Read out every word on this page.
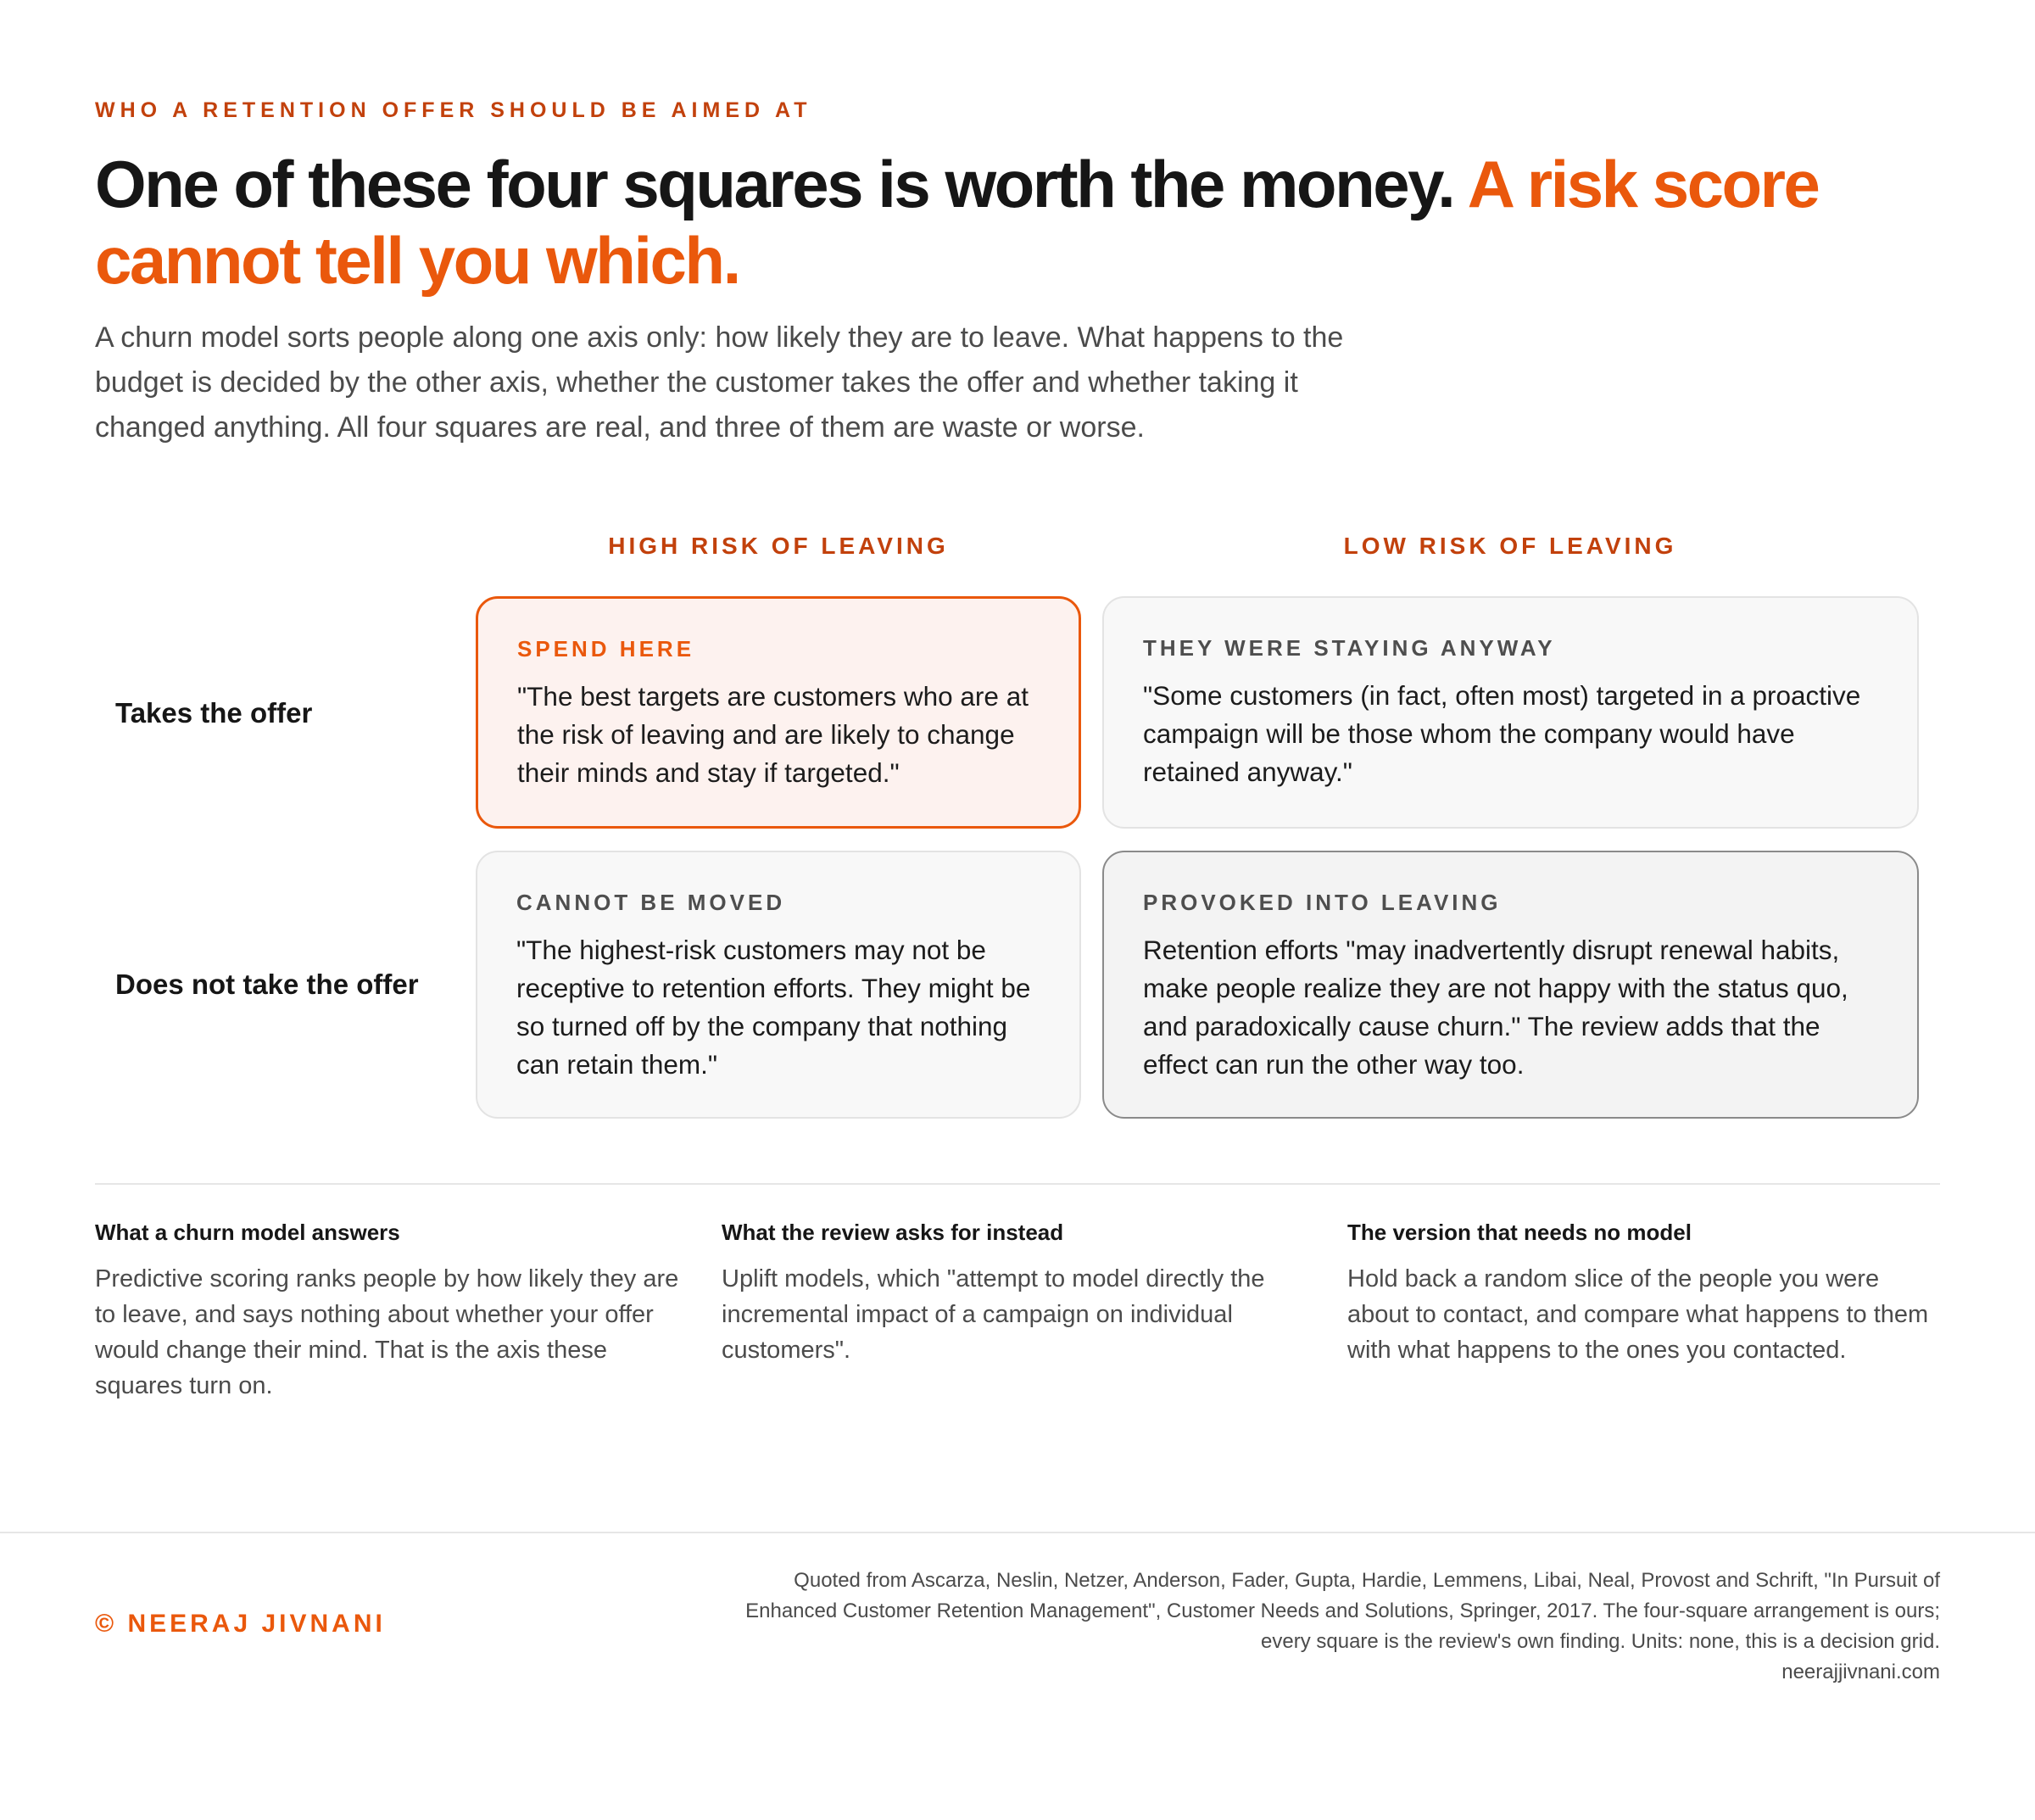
WHO A RETENTION OFFER SHOULD BE AIMED AT
One of these four squares is worth the money. A risk score cannot tell you which.

A churn model sorts people along one axis only: how likely they are to leave. What happens to the budget is decided by the other axis, whether the customer takes the offer and whether taking it changed anything. All four squares are real, and three of them are waste or worse.

HIGH RISK OF LEAVING	LOW RISK OF LEAVING
Takes the offer
Does not take the offer
SPEND HERE
"The best targets are customers who are at the risk of leaving and are likely to change their minds and stay if targeted."
THEY WERE STAYING ANYWAY
"Some customers (in fact, often most) targeted in a proactive campaign will be those whom the company would have retained anyway."
CANNOT BE MOVED
"The highest-risk customers may not be receptive to retention efforts. They might be so turned off by the company that nothing can retain them."
PROVOKED INTO LEAVING
Retention efforts "may inadvertently disrupt renewal habits, make people realize they are not happy with the status quo, and paradoxically cause churn." The review adds that the effect can run the other way too.
What a churn model answers

Predictive scoring ranks people by how likely they are to leave, and says nothing about whether your offer would change their mind. That is the axis these squares turn on.

What the review asks for instead

Uplift models, which "attempt to model directly the incremental impact of a campaign on individual customers".

The version that needs no model

Hold back a random slice of the people you were about to contact, and compare what happens to them with what happens to the ones you contacted.

© NEERAJ JIVNANI
Quoted from Ascarza, Neslin, Netzer, Anderson, Fader, Gupta, Hardie, Lemmens, Libai, Neal, Provost and Schrift, "In Pursuit of Enhanced Customer Retention Management", Customer Needs and Solutions, Springer, 2017. The four-square arrangement is ours; every square is the review's own finding. Units: none, this is a decision grid.
neerajjivnani.com
